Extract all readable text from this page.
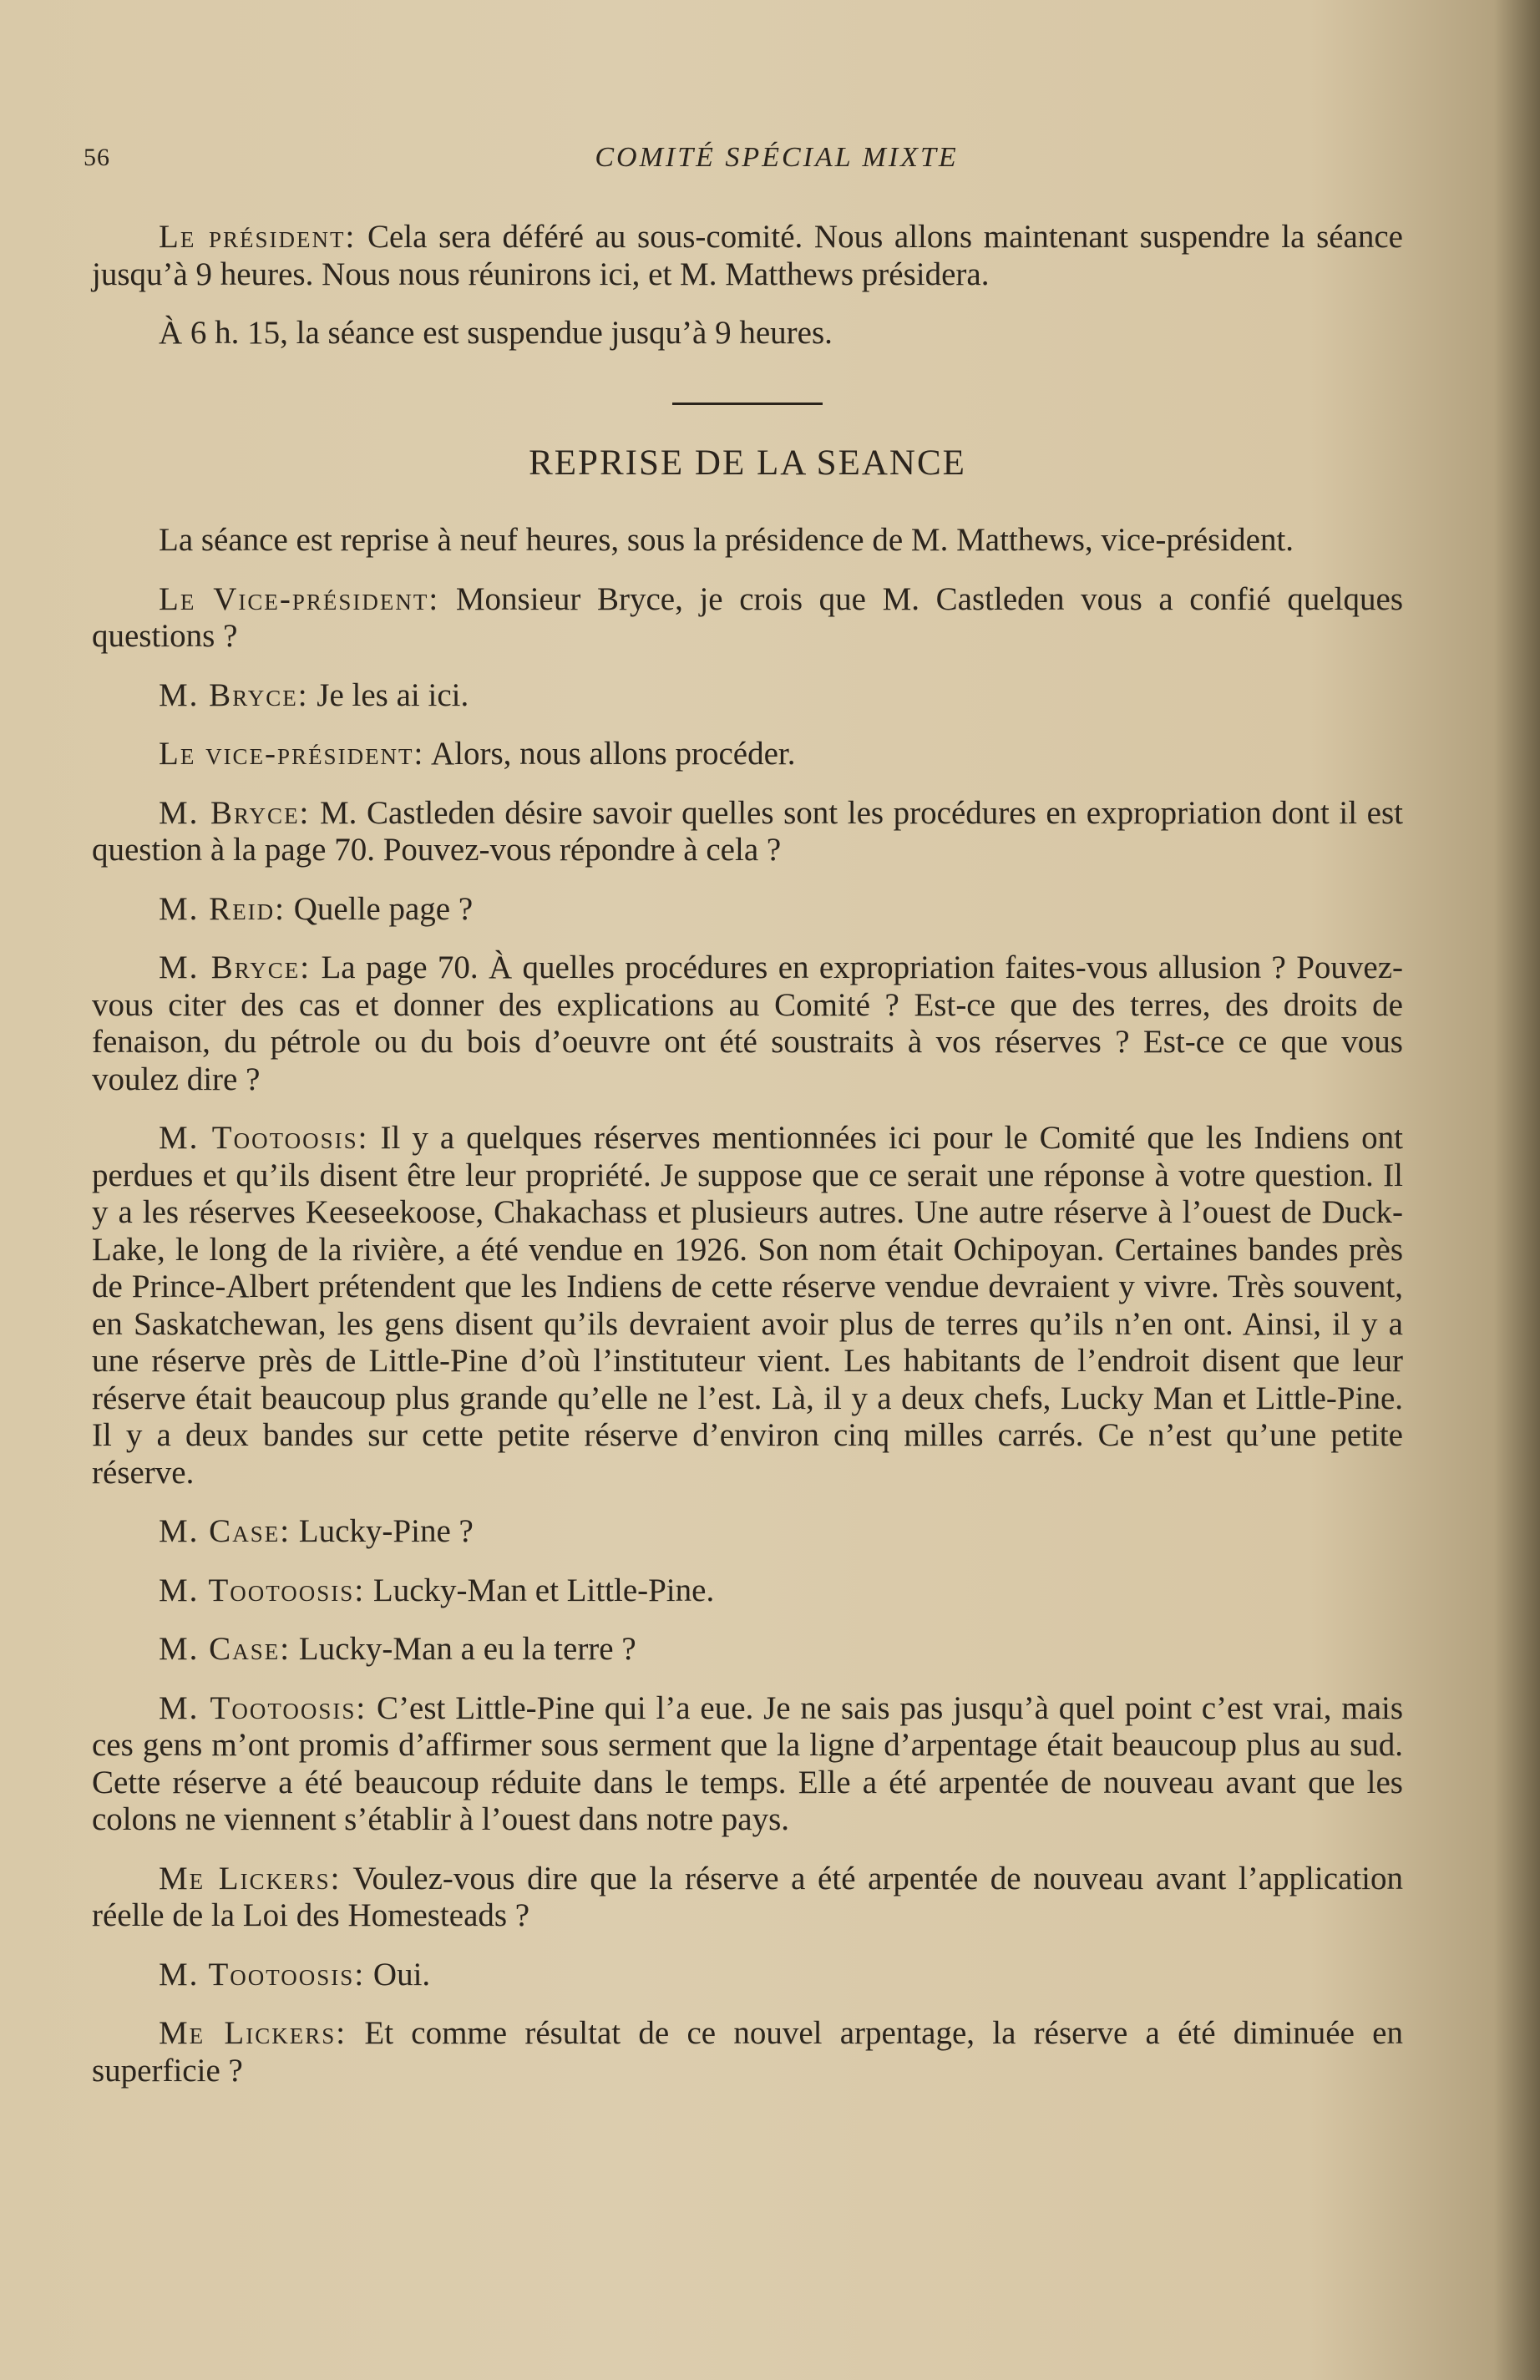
56	COMITÉ SPÉCIAL MIXTE

Le président: Cela sera déféré au sous-comité. Nous allons maintenant suspendre la séance jusqu’à 9 heures. Nous nous réunirons ici, et M. Matthews présidera.

À 6 h. 15, la séance est suspendue jusqu’à 9 heures.

REPRISE DE LA SEANCE

La séance est reprise à neuf heures, sous la présidence de M. Matthews, vice-président.

Le Vice-président: Monsieur Bryce, je crois que M. Castleden vous a confié quelques questions ?

M. Bryce: Je les ai ici.

Le vice-président: Alors, nous allons procéder.

M. Bryce: M. Castleden désire savoir quelles sont les procédures en expropriation dont il est question à la page 70. Pouvez-vous répondre à cela ?

M. Reid: Quelle page ?

M. Bryce: La page 70. À quelles procédures en expropriation faites-vous allusion ? Pouvez-vous citer des cas et donner des explications au Comité ? Est-ce que des terres, des droits de fenaison, du pétrole ou du bois d’oeuvre ont été soustraits à vos réserves ? Est-ce ce que vous voulez dire ?

M. Tootoosis: Il y a quelques réserves mentionnées ici pour le Comité que les Indiens ont perdues et qu’ils disent être leur propriété. Je suppose que ce serait une réponse à votre question. Il y a les réserves Keeseekoose, Chakachass et plusieurs autres. Une autre réserve à l’ouest de Duck-Lake, le long de la rivière, a été vendue en 1926. Son nom était Ochipoyan. Certaines bandes près de Prince-Albert prétendent que les Indiens de cette réserve vendue devraient y vivre. Très souvent, en Saskatchewan, les gens disent qu’ils devraient avoir plus de terres qu’ils n’en ont. Ainsi, il y a une réserve près de Little-Pine d’où l’instituteur vient. Les habitants de l’endroit disent que leur réserve était beaucoup plus grande qu’elle ne l’est. Là, il y a deux chefs, Lucky Man et Little-Pine. Il y a deux bandes sur cette petite réserve d’environ cinq milles carrés. Ce n’est qu’une petite réserve.

M. Case: Lucky-Pine ?

M. Tootoosis: Lucky-Man et Little-Pine.

M. Case: Lucky-Man a eu la terre ?

M. Tootoosis: C’est Little-Pine qui l’a eue. Je ne sais pas jusqu’à quel point c’est vrai, mais ces gens m’ont promis d’affirmer sous serment que la ligne d’arpentage était beaucoup plus au sud. Cette réserve a été beaucoup réduite dans le temps. Elle a été arpentée de nouveau avant que les colons ne viennent s’établir à l’ouest dans notre pays.

Me Lickers: Voulez-vous dire que la réserve a été arpentée de nouveau avant l’application réelle de la Loi des Homesteads ?

M. Tootoosis: Oui.

Me Lickers: Et comme résultat de ce nouvel arpentage, la réserve a été diminuée en superficie ?
